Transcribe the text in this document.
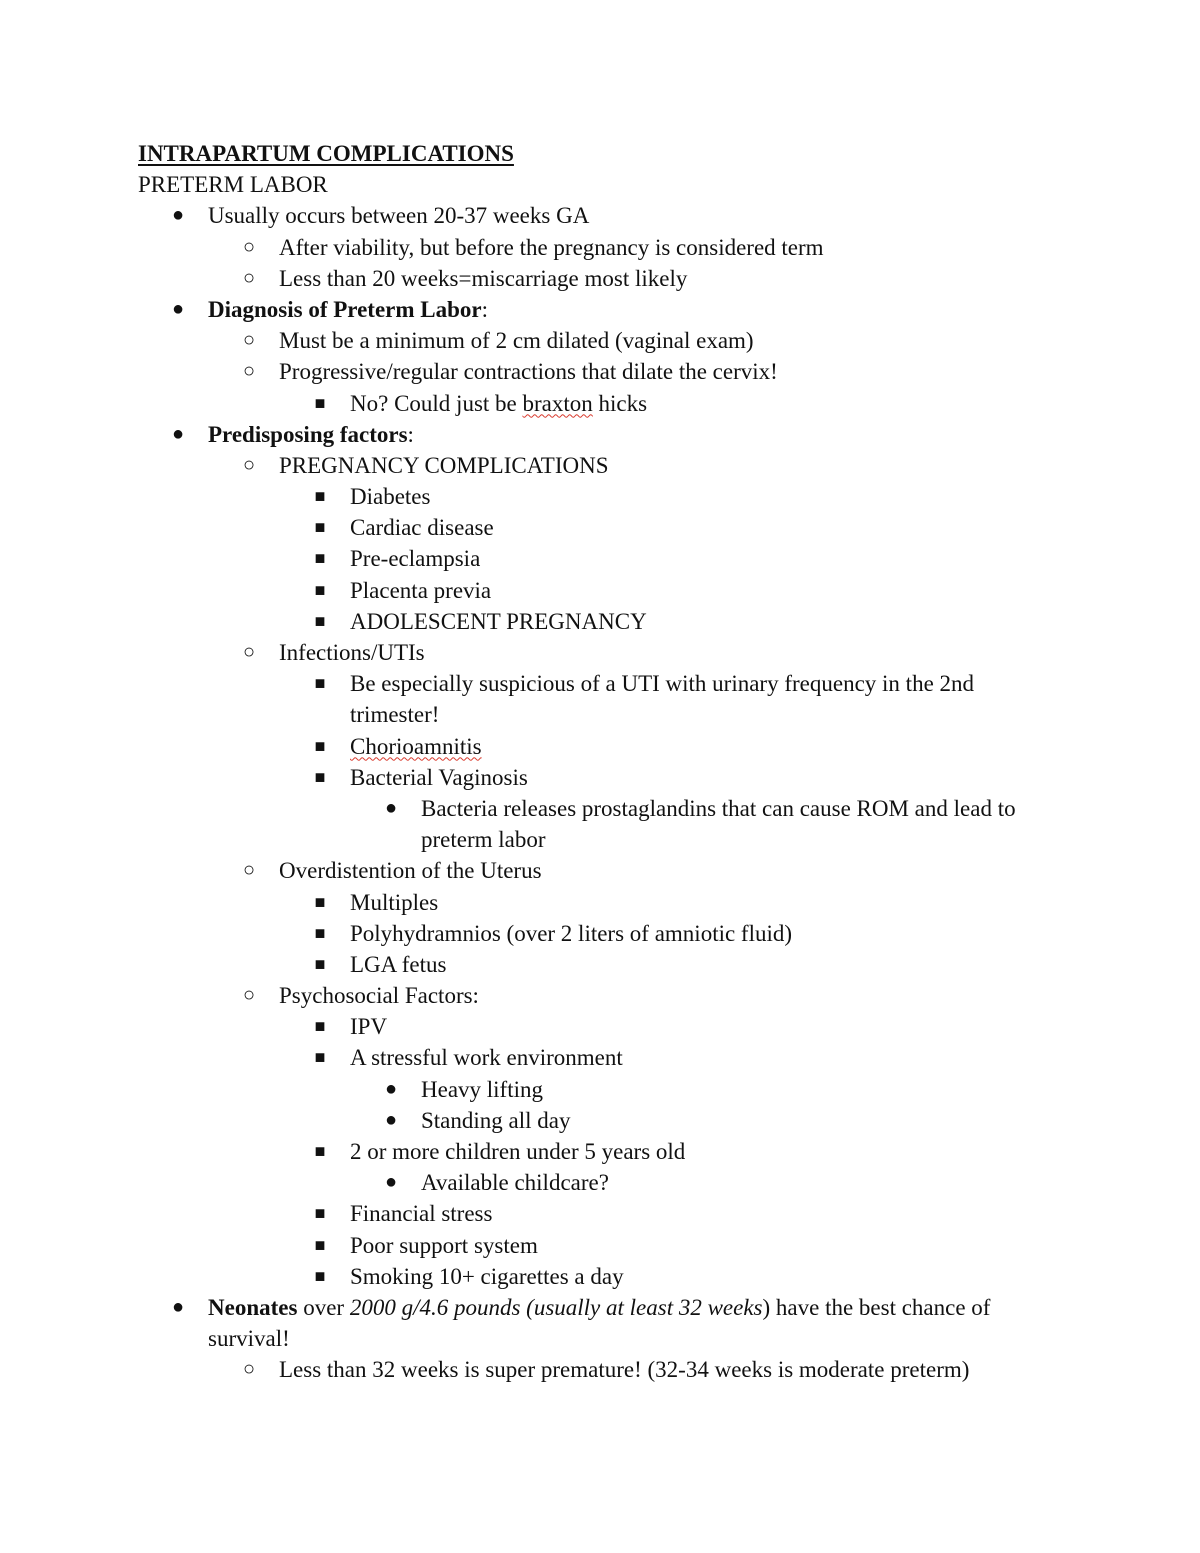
INTRAPARTUM COMPLICATIONS
PRETERM LABOR
● Usually occurs between 20-37 weeks GA
○ After viability, but before the pregnancy is considered term
○ Less than 20 weeks=miscarriage most likely
● Diagnosis of Preterm Labor:
○ Must be a minimum of 2 cm dilated (vaginal exam)
○ Progressive/regular contractions that dilate the cervix!
■ No? Could just be braxton hicks
● Predisposing factors:
○ PREGNANCY COMPLICATIONS
■ Diabetes
■ Cardiac disease
■ Pre-eclampsia
■ Placenta previa
■ ADOLESCENT PREGNANCY
○ Infections/UTIs
■ Be especially suspicious of a UTI with urinary frequency in the 2nd
trimester!
■ Chorioamnitis
■ Bacterial Vaginosis
● Bacteria releases prostaglandins that can cause ROM and lead to
preterm labor
○ Overdistention of the Uterus
■ Multiples
■ Polyhydramnios (over 2 liters of amniotic fluid)
■ LGA fetus
○ Psychosocial Factors:
■ IPV
■ A stressful work environment
● Heavy lifting
● Standing all day
■ 2 or more children under 5 years old
● Available childcare?
■ Financial stress
■ Poor support system
■ Smoking 10+ cigarettes a day
● Neonates over 2000 g/4.6 pounds (usually at least 32 weeks) have the best chance of
survival!
○ Less than 32 weeks is super premature! (32-34 weeks is moderate preterm)
